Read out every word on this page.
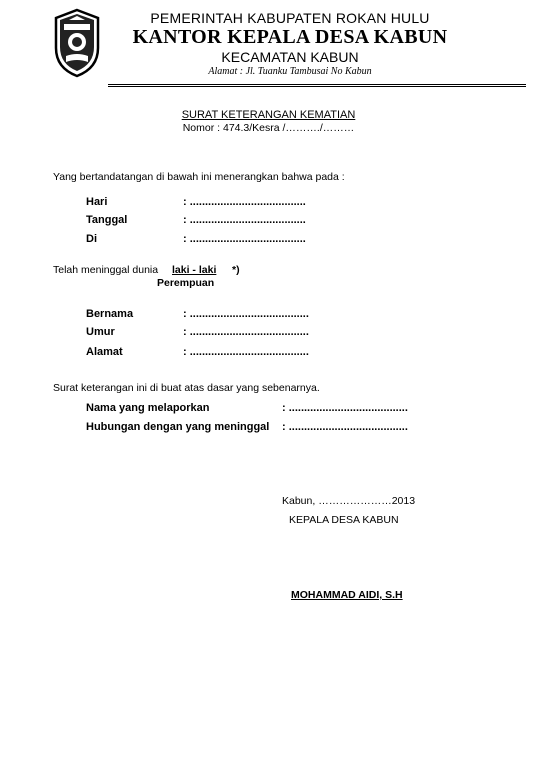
PEMERINTAH KABUPATEN ROKAN HULU
KANTOR KEPALA DESA KABUN
KECAMATAN KABUN
Alamat : Jl. Tuanku Tambusai No Kabun
SURAT KETERANGAN KEMATIAN
Nomor : 474.3/Kesra /………./………
Yang bertandatangan di bawah ini menerangkan bahwa pada :
Hari	: ......................................
Tanggal	: ......................................
Di	: ......................................
Telah meninggal dunia laki - laki *)
Perempuan
Bernama	: .......................................
Umur	: .......................................
Alamat	: .......................................
Surat keterangan ini di buat atas dasar yang sebenarnya.
Nama yang melaporkan	: .......................................
Hubungan dengan yang meninggal : .......................................
Kabun, …………………2013
KEPALA DESA KABUN
MOHAMMAD AIDI, S.H
